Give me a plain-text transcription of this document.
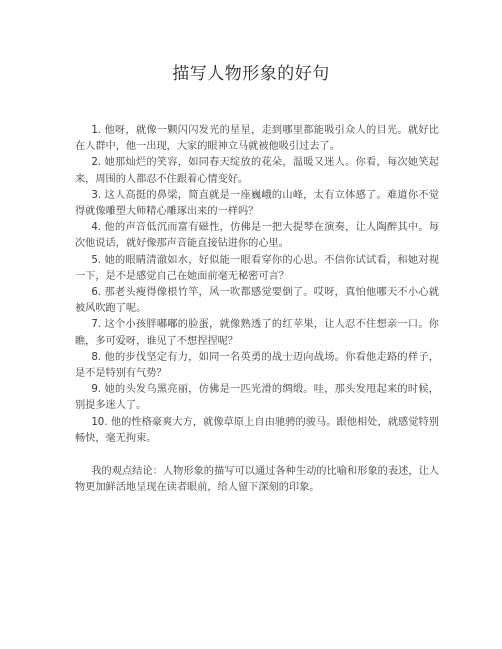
描写人物形象的好句

1. 他呀，就像一颗闪闪发光的星星，走到哪里都能吸引众人的目光。就好比在人群中，他一出现，大家的眼神立马就被他吸引过去了。

2. 她那灿烂的笑容，如同春天绽放的花朵，温暖又迷人。你看，每次她笑起来，周围的人都忍不住跟着心情变好。

3. 这人高挺的鼻梁，简直就是一座巍峨的山峰，太有立体感了。难道你不觉得就像雕塑大师精心雕琢出来的一样吗？

4. 他的声音低沉而富有磁性，仿佛是一把大提琴在演奏，让人陶醉其中。每次他说话，就好像那声音能直接钻进你的心里。

5. 她的眼睛清澈如水，好似能一眼看穿你的心思。不信你试试看，和她对视一下，是不是感觉自己在她面前毫无秘密可言？

6. 那老头瘦得像根竹竿，风一吹都感觉要倒了。哎呀，真怕他哪天不小心就被风吹跑了呢。

7. 这个小孩胖嘟嘟的脸蛋，就像熟透了的红苹果，让人忍不住想亲一口。你瞧，多可爱呀，谁见了不想捏捏呢？

8. 他的步伐坚定有力，如同一名英勇的战士迈向战场。你看他走路的样子，是不是特别有气势？

9. 她的头发乌黑亮丽，仿佛是一匹光滑的绸缎。哇，那头发甩起来的时候，别提多迷人了。

10. 他的性格豪爽大方，就像草原上自由驰骋的骏马。跟他相处，就感觉特别畅快，毫无拘束。

我的观点结论：人物形象的描写可以通过各种生动的比喻和形象的表述，让人物更加鲜活地呈现在读者眼前，给人留下深刻的印象。
